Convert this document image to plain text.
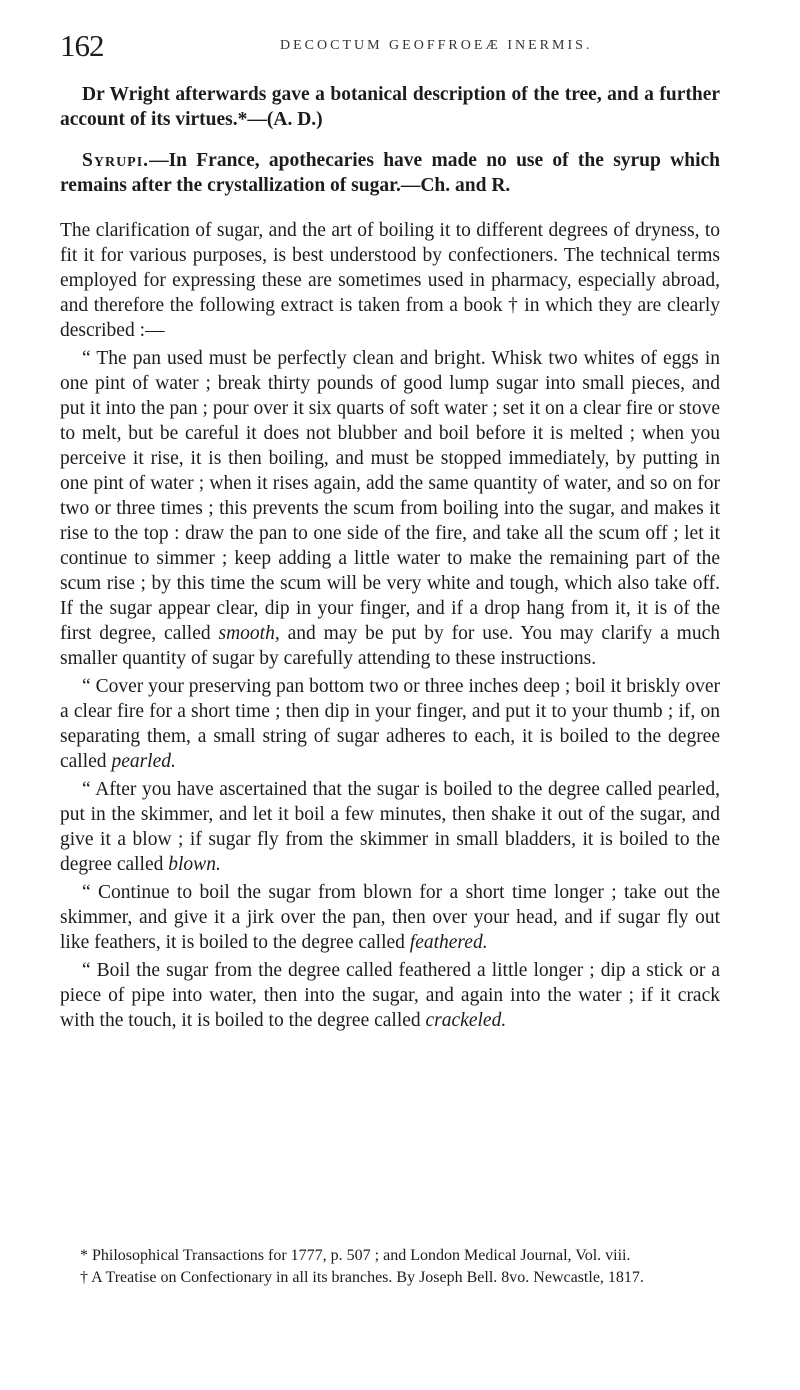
162	DECOCTUM GEOFFROEÆ INERMIS.

Dr Wright afterwards gave a botanical description of the tree, and a further account of its virtues.*—(A. D.)

Syrupi.—In France, apothecaries have made no use of the syrup which remains after the crystallization of sugar.—Ch. and R.

The clarification of sugar, and the art of boiling it to different degrees of dryness, to fit it for various purposes, is best understood by confectioners. The technical terms employed for expressing these are sometimes used in pharmacy, especially abroad, and therefore the following extract is taken from a book † in which they are clearly described :—

“ The pan used must be perfectly clean and bright. Whisk two whites of eggs in one pint of water ; break thirty pounds of good lump sugar into small pieces, and put it into the pan ; pour over it six quarts of soft water ; set it on a clear fire or stove to melt, but be careful it does not blubber and boil before it is melted ; when you perceive it rise, it is then boiling, and must be stopped immediately, by putting in one pint of water ; when it rises again, add the same quantity of water, and so on for two or three times ; this prevents the scum from boiling into the sugar, and makes it rise to the top : draw the pan to one side of the fire, and take all the scum off ; let it continue to simmer ; keep adding a little water to make the remaining part of the scum rise ; by this time the scum will be very white and tough, which also take off. If the sugar appear clear, dip in your finger, and if a drop hang from it, it is of the first degree, called smooth, and may be put by for use. You may clarify a much smaller quantity of sugar by carefully attending to these instructions.

“ Cover your preserving pan bottom two or three inches deep ; boil it briskly over a clear fire for a short time ; then dip in your finger, and put it to your thumb ; if, on separating them, a small string of sugar adheres to each, it is boiled to the degree called pearled.

“ After you have ascertained that the sugar is boiled to the degree called pearled, put in the skimmer, and let it boil a few minutes, then shake it out of the sugar, and give it a blow ; if sugar fly from the skimmer in small bladders, it is boiled to the degree called blown.

“ Continue to boil the sugar from blown for a short time longer ; take out the skimmer, and give it a jirk over the pan, then over your head, and if sugar fly out like feathers, it is boiled to the degree called feathered.

“ Boil the sugar from the degree called feathered a little longer ; dip a stick or a piece of pipe into water, then into the sugar, and again into the water ; if it crack with the touch, it is boiled to the degree called crackeled.

* Philosophical Transactions for 1777, p. 507 ; and London Medical Journal, Vol. viii.

† A Treatise on Confectionary in all its branches. By Joseph Bell. 8vo. Newcastle, 1817.
